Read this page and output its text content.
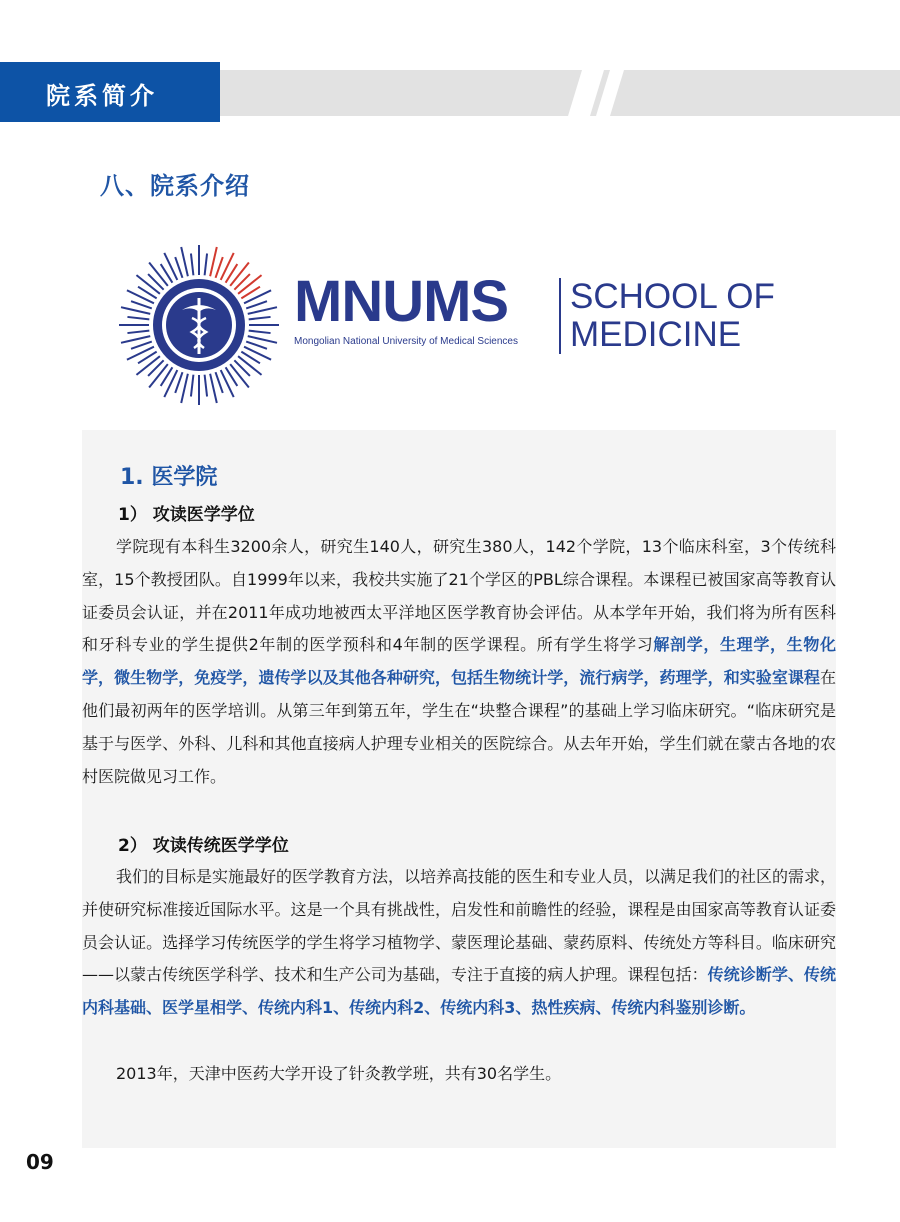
院系简介
八、院系介绍
MNUMS
Mongolian National University of Medical Sciences
SCHOOL OF
MEDICINE
1. 医学院
1） 攻读医学学位

学院现有本科生3200余人，研究生140人，研究生380人，142个学院，13个临床科室，3个传统科室，15个教授团队。自1999年以来，我校共实施了21个学区的PBL综合课程。本课程已被国家高等教育认证委员会认证，并在2011年成功地被西太平洋地区医学教育协会评估。从本学年开始，我们将为所有医科和牙科专业的学生提供2年制的医学预科和4年制的医学课程。所有学生将学习解剖学，生理学，生物化学，微生物学，免疫学，遗传学以及其他各种研究，包括生物统计学，流行病学，药理学，和实验室课程在他们最初两年的医学培训。从第三年到第五年，学生在“块整合课程”的基础上学习临床研究。“临床研究是基于与医学、外科、儿科和其他直接病人护理专业相关的医院综合。从去年开始，学生们就在蒙古各地的农村医院做见习工作。

2） 攻读传统医学学位

我们的目标是实施最好的医学教育方法，以培养高技能的医生和专业人员，以满足我们的社区的需求，并使研究标准接近国际水平。这是一个具有挑战性，启发性和前瞻性的经验，课程是由国家高等教育认证委员会认证。选择学习传统医学的学生将学习植物学、蒙医理论基础、蒙药原料、传统处方等科目。临床研究——以蒙古传统医学科学、技术和生产公司为基础，专注于直接的病人护理。课程包括：传统诊断学、传统内科基础、医学星相学、传统内科1、传统内科2、传统内科3、热性疾病、传统内科鉴别诊断。

2013年，天津中医药大学开设了针灸教学班，共有30名学生。

09
